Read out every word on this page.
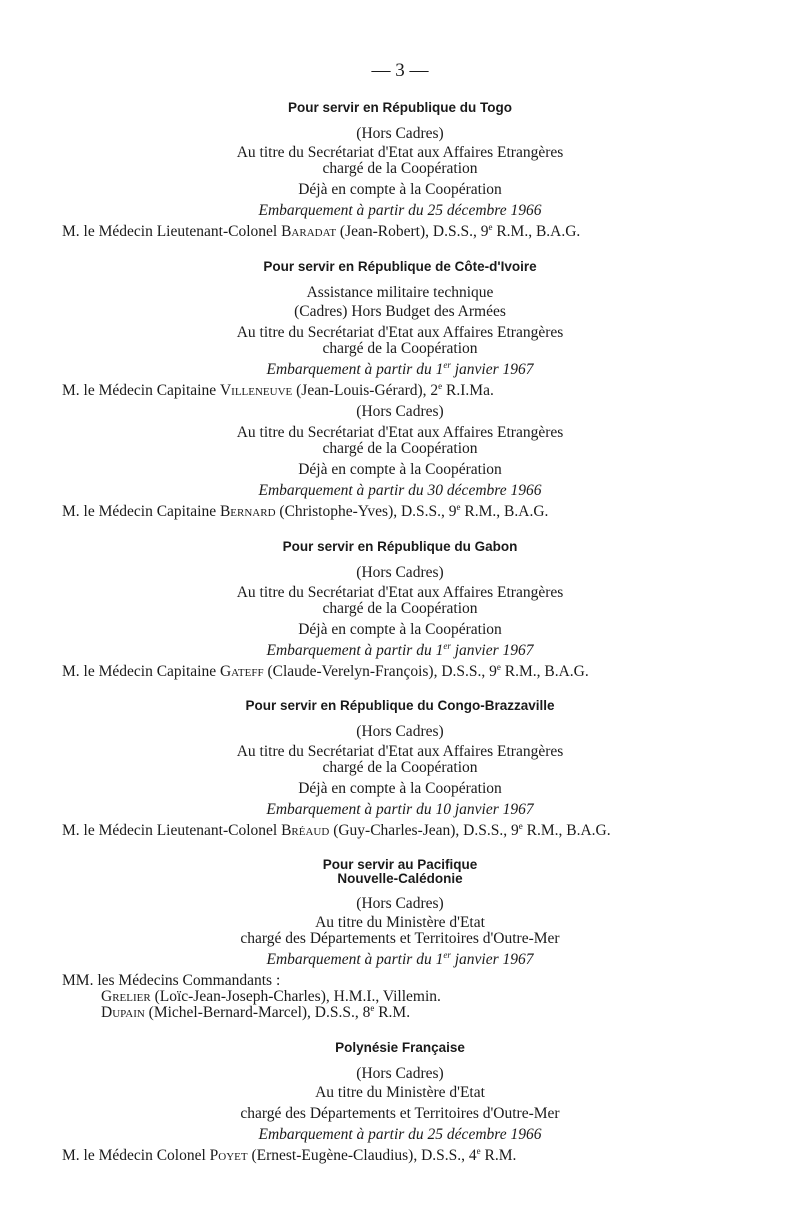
— 3 —
Pour servir en République du Togo
(Hors Cadres)
Au titre du Secrétariat d'Etat aux Affaires Etrangères
chargé de la Coopération
Déjà en compte à la Coopération
Embarquement à partir du 25 décembre 1966
M. le Médecin Lieutenant-Colonel Baradat (Jean-Robert), D.S.S., 9e R.M., B.A.G.
Pour servir en République de Côte-d'Ivoire
Assistance militaire technique
(Cadres) Hors Budget des Armées
Au titre du Secrétariat d'Etat aux Affaires Etrangères
chargé de la Coopération
Embarquement à partir du 1er janvier 1967
M. le Médecin Capitaine Villeneuve (Jean-Louis-Gérard), 2e R.I.Ma.
(Hors Cadres)
Au titre du Secrétariat d'Etat aux Affaires Etrangères
chargé de la Coopération
Déjà en compte à la Coopération
Embarquement à partir du 30 décembre 1966
M. le Médecin Capitaine Bernard (Christophe-Yves), D.S.S., 9e R.M., B.A.G.
Pour servir en République du Gabon
(Hors Cadres)
Au titre du Secrétariat d'Etat aux Affaires Etrangères
chargé de la Coopération
Déjà en compte à la Coopération
Embarquement à partir du 1er janvier 1967
M. le Médecin Capitaine Gateff (Claude-Verelyn-François), D.S.S., 9e R.M., B.A.G.
Pour servir en République du Congo-Brazzaville
(Hors Cadres)
Au titre du Secrétariat d'Etat aux Affaires Etrangères
chargé de la Coopération
Déjà en compte à la Coopération
Embarquement à partir du 10 janvier 1967
M. le Médecin Lieutenant-Colonel Bréaud (Guy-Charles-Jean), D.S.S., 9e R.M., B.A.G.
Pour servir au Pacifique
Nouvelle-Calédonie
(Hors Cadres)
Au titre du Ministère d'Etat
chargé des Départements et Territoires d'Outre-Mer
Embarquement à partir du 1er janvier 1967
MM. les Médecins Commandants :
Grelier (Loïc-Jean-Joseph-Charles), H.M.I., Villemin.
Dupain (Michel-Bernard-Marcel), D.S.S., 8e R.M.
Polynésie Française
(Hors Cadres)
Au titre du Ministère d'Etat
chargé des Départements et Territoires d'Outre-Mer
Embarquement à partir du 25 décembre 1966
M. le Médecin Colonel Poyet (Ernest-Eugène-Claudius), D.S.S., 4e R.M.
